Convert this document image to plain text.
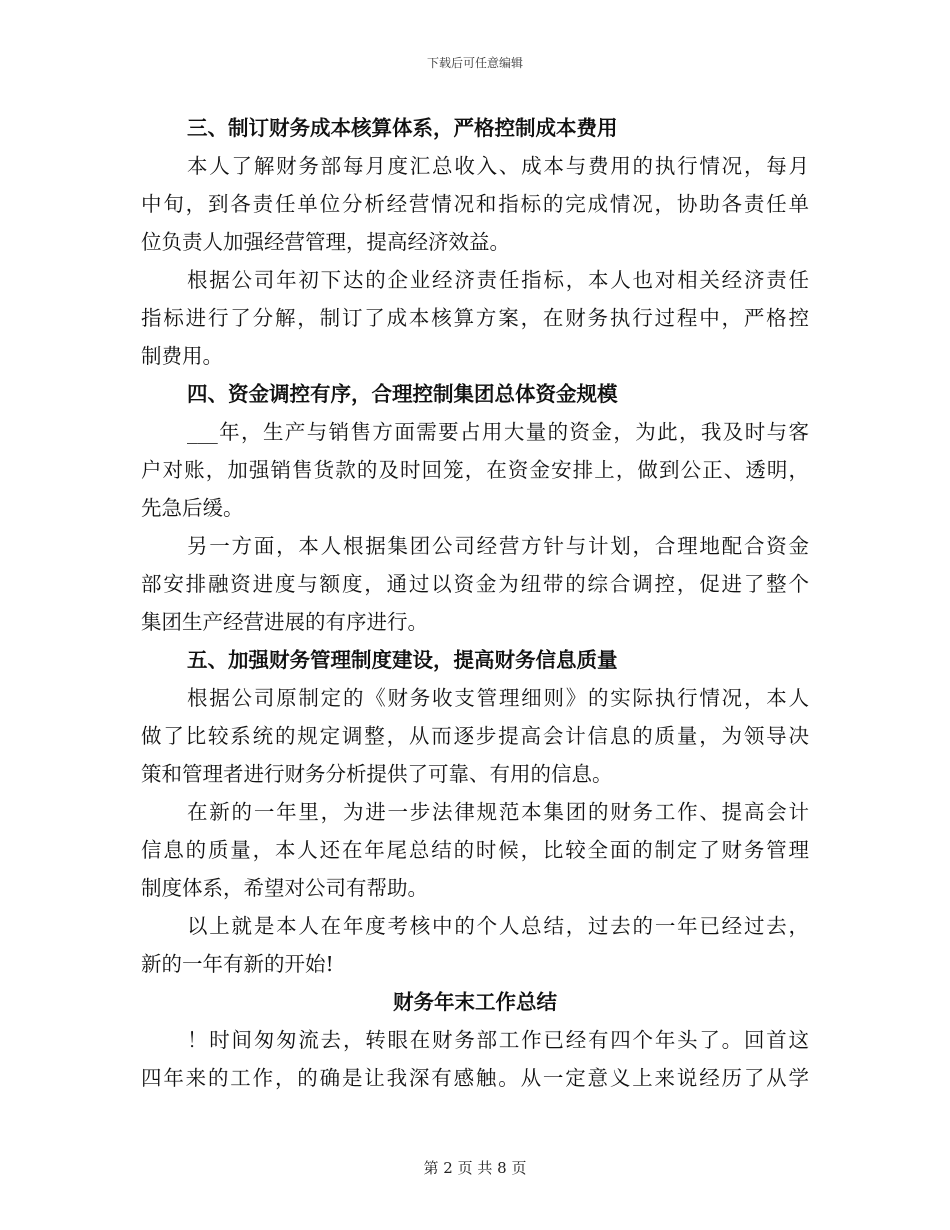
下载后可任意编辑
三、制订财务成本核算体系，严格控制成本费用
本人了解财务部每月度汇总收入、成本与费用的执行情况，每月
中旬，到各责任单位分析经营情况和指标的完成情况，协助各责任单
位负责人加强经营管理，提高经济效益。
根据公司年初下达的企业经济责任指标，本人也对相关经济责任
指标进行了分解，制订了成本核算方案，在财务执行过程中，严格控
制费用。
四、资金调控有序，合理控制集团总体资金规模
___年，生产与销售方面需要占用大量的资金，为此，我及时与客
户对账，加强销售货款的及时回笼，在资金安排上，做到公正、透明，
先急后缓。
另一方面，本人根据集团公司经营方针与计划，合理地配合资金
部安排融资进度与额度，通过以资金为纽带的综合调控，促进了整个
集团生产经营进展的有序进行。
五、加强财务管理制度建设，提高财务信息质量
根据公司原制定的《财务收支管理细则》的实际执行情况，本人
做了比较系统的规定调整，从而逐步提高会计信息的质量，为领导决
策和管理者进行财务分析提供了可靠、有用的信息。
在新的一年里，为进一步法律规范本集团的财务工作、提高会计
信息的质量，本人还在年尾总结的时候，比较全面的制定了财务管理
制度体系，希望对公司有帮助。
以上就是本人在年度考核中的个人总结，过去的一年已经过去，
新的一年有新的开始!
财务年末工作总结
！时间匆匆流去，转眼在财务部工作已经有四个年头了。回首这
四年来的工作，的确是让我深有感触。从一定意义上来说经历了从学
第 2 页 共 8 页
